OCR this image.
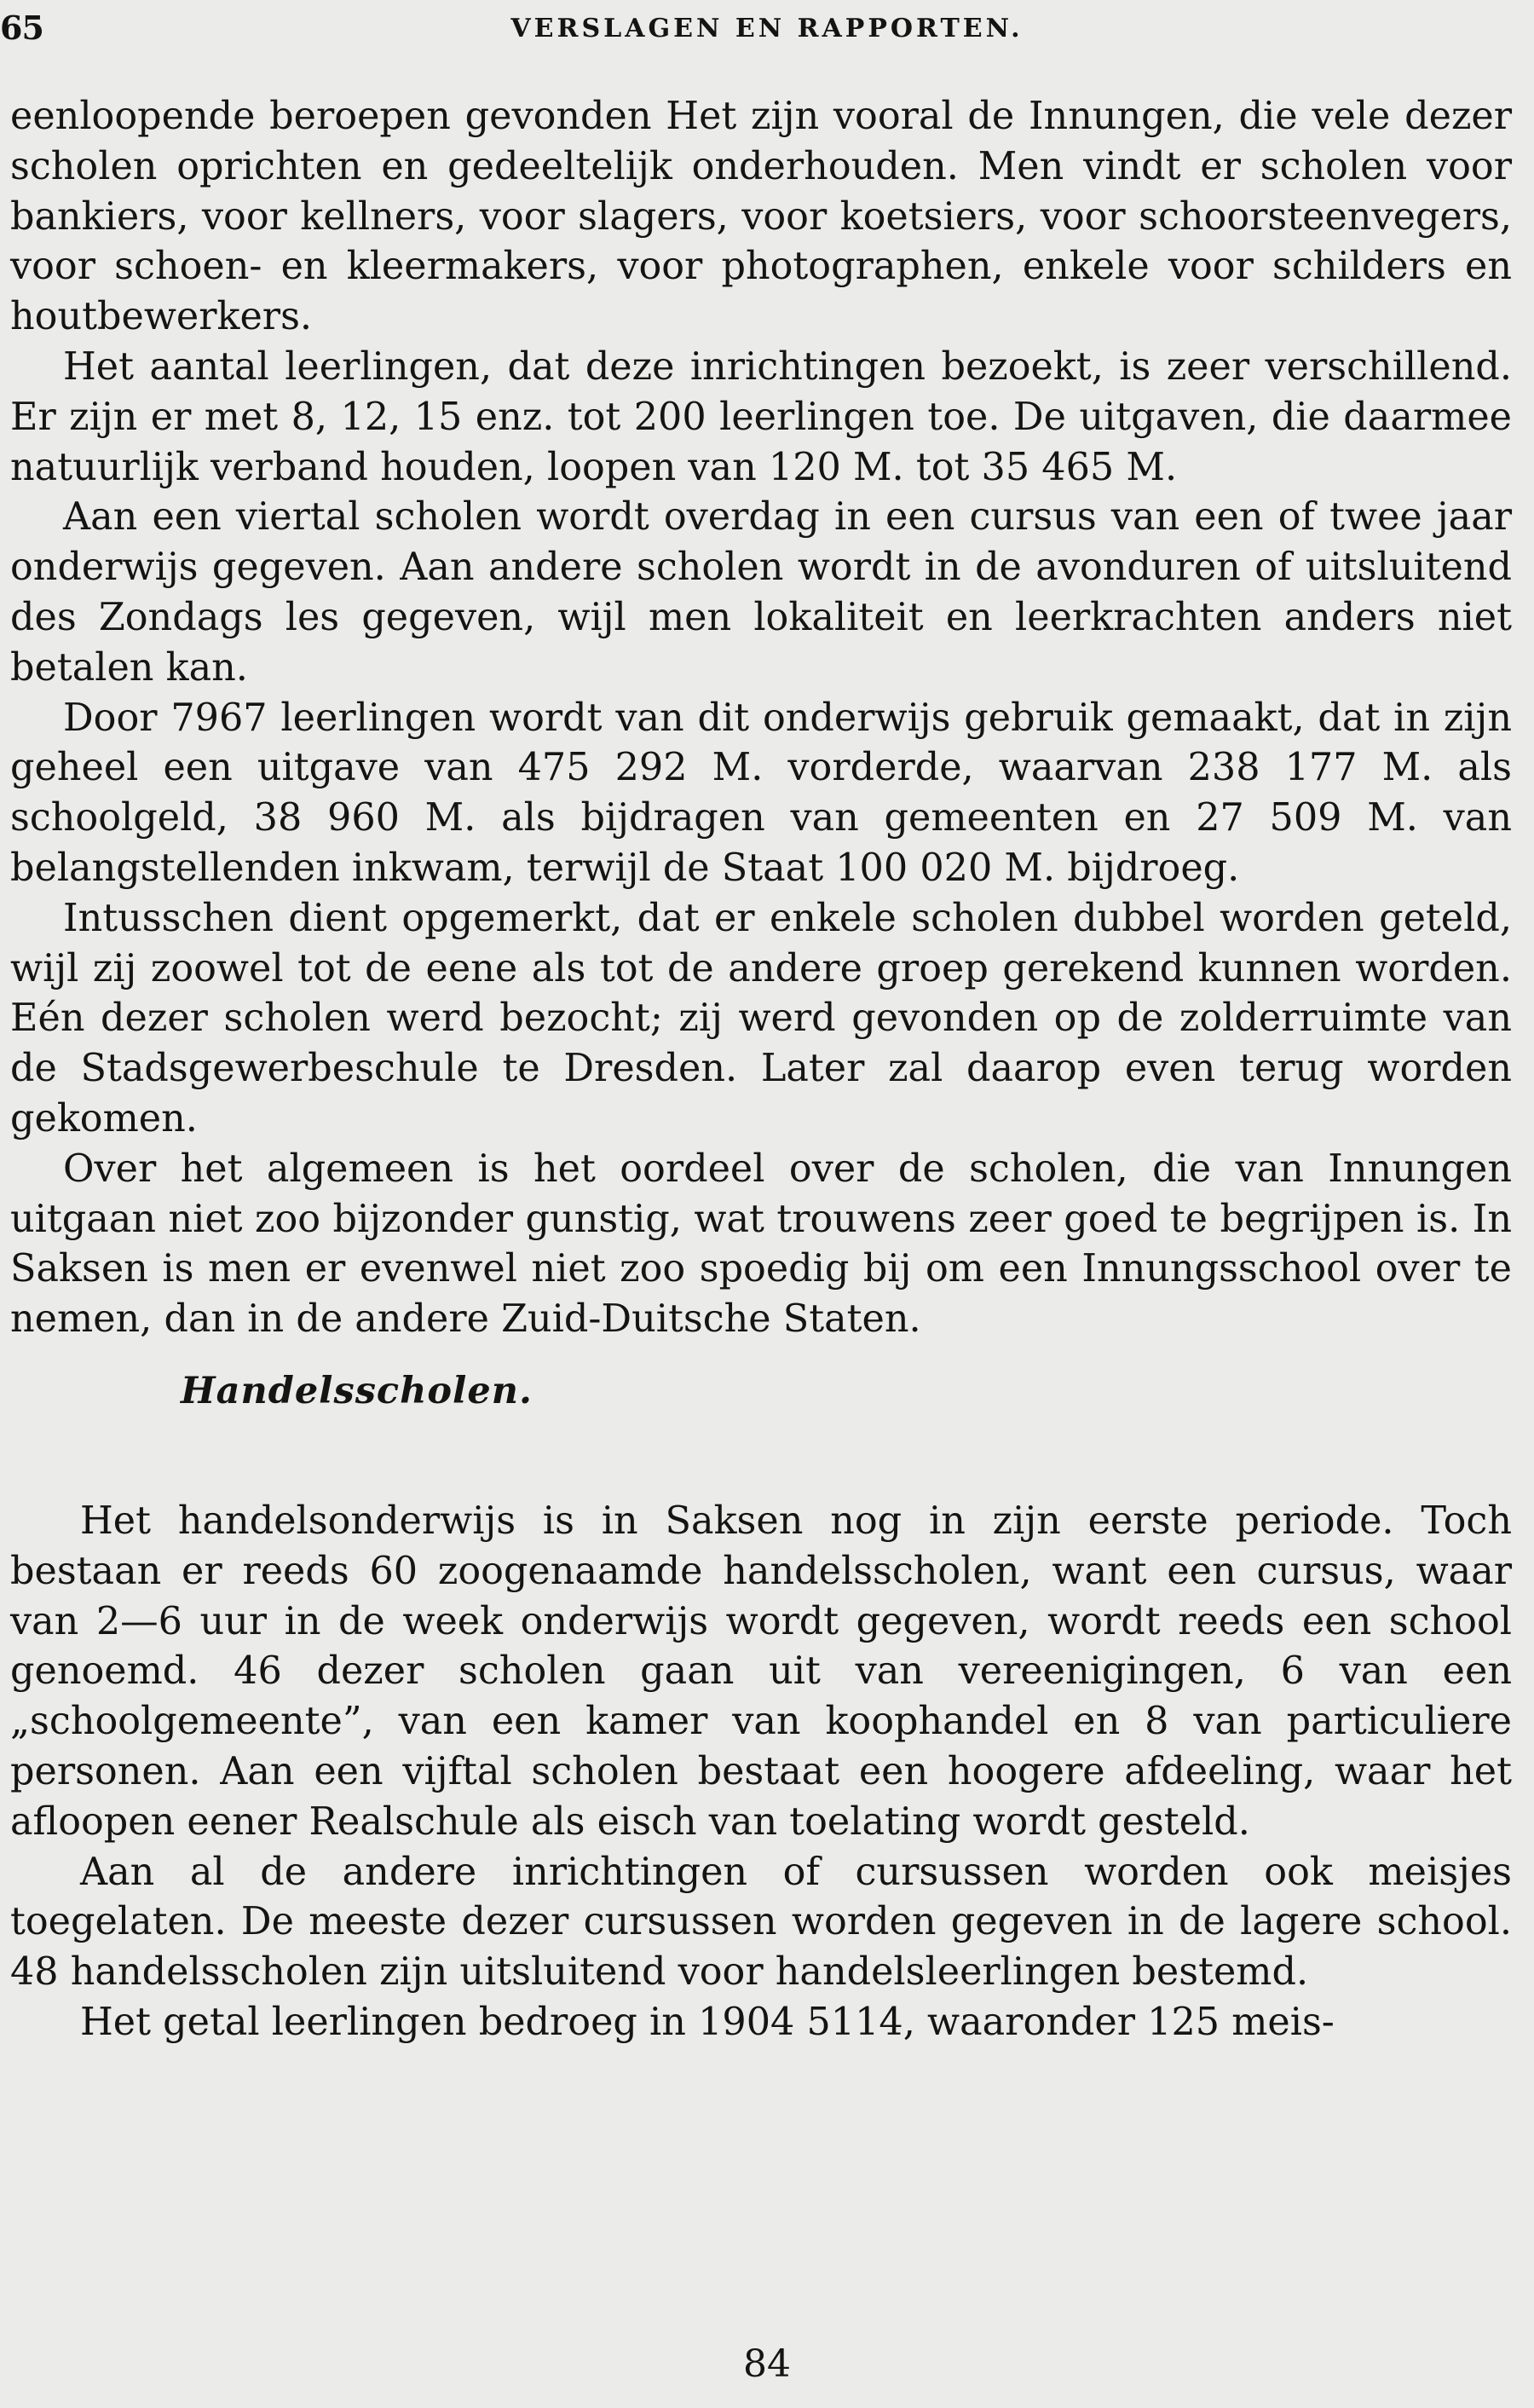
65	VERSLAGEN EN RAPPORTEN.

eenloopende beroepen gevonden Het zijn vooral de Innungen, die vele dezer scholen oprichten en gedeeltelijk onderhouden. Men vindt er scholen voor bankiers, voor kellners, voor slagers, voor koetsiers, voor schoorsteenvegers, voor schoen- en kleermakers, voor photographen, enkele voor schilders en houtbewerkers.

Het aantal leerlingen, dat deze inrichtingen bezoekt, is zeer verschillend. Er zijn er met 8, 12, 15 enz. tot 200 leerlingen toe. De uitgaven, die daarmee natuurlijk verband houden, loopen van 120 M. tot 35 465 M.

Aan een viertal scholen wordt overdag in een cursus van een of twee jaar onderwijs gegeven. Aan andere scholen wordt in de avonduren of uitsluitend des Zondags les gegeven, wijl men lokaliteit en leerkrachten anders niet betalen kan.

Door 7967 leerlingen wordt van dit onderwijs gebruik gemaakt, dat in zijn geheel een uitgave van 475 292 M. vorderde, waarvan 238 177 M. als schoolgeld, 38 960 M. als bijdragen van gemeenten en 27 509 M. van belangstellenden inkwam, terwijl de Staat 100 020 M. bijdroeg.

Intusschen dient opgemerkt, dat er enkele scholen dubbel worden geteld, wijl zij zoowel tot de eene als tot de andere groep gerekend kunnen worden. Eén dezer scholen werd bezocht; zij werd gevonden op de zolderruimte van de Stadsgewerbeschule te Dresden. Later zal daarop even terug worden gekomen.

Over het algemeen is het oordeel over de scholen, die van Innungen uitgaan niet zoo bijzonder gunstig, wat trouwens zeer goed te begrijpen is. In Saksen is men er evenwel niet zoo spoedig bij om een Innungsschool over te nemen, dan in de andere Zuid-Duitsche Staten.

Handelsscholen.

Het handelsonderwijs is in Saksen nog in zijn eerste periode. Toch bestaan er reeds 60 zoogenaamde handelsscholen, want een cursus, waar van 2—6 uur in de week onderwijs wordt gegeven, wordt reeds een school genoemd. 46 dezer scholen gaan uit van vereenigingen, 6 van een „schoolgemeente”, van een kamer van koophandel en 8 van particuliere personen. Aan een vijftal scholen bestaat een hoogere afdeeling, waar het afloopen eener Realschule als eisch van toelating wordt gesteld.

Aan al de andere inrichtingen of cursussen worden ook meisjes toegelaten. De meeste dezer cursussen worden gegeven in de lagere school. 48 handelsscholen zijn uitsluitend voor handelsleerlingen bestemd.

Het getal leerlingen bedroeg in 1904 5114, waaronder 125 meis-

84
